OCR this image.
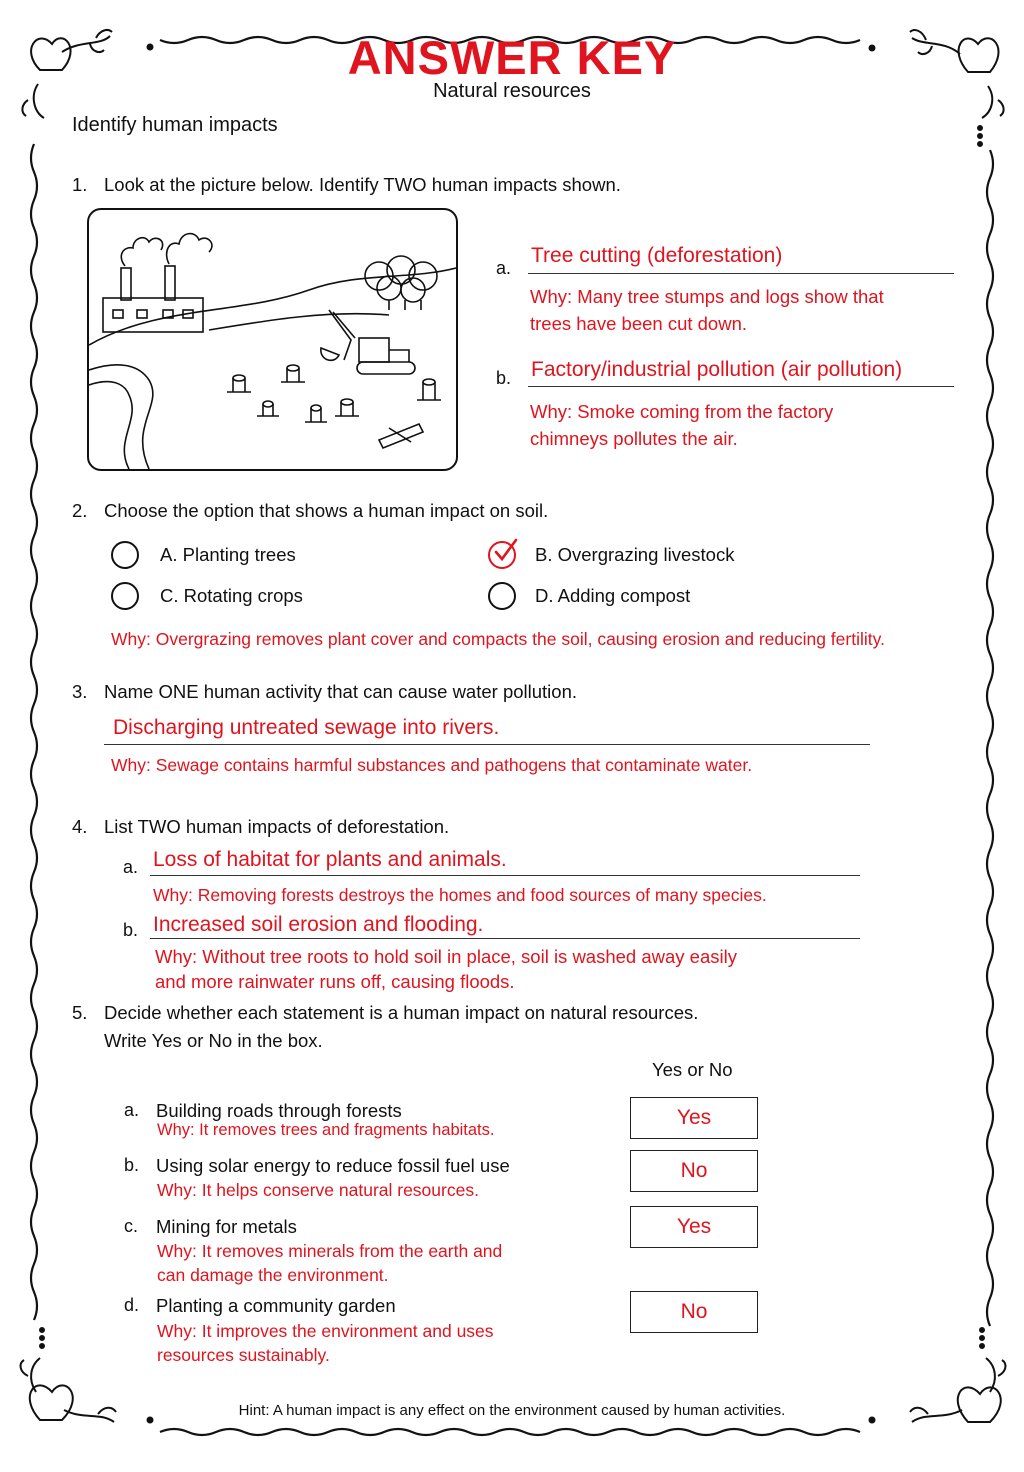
ANSWER KEY
Natural resources
Identify human impacts
1. Look at the picture below. Identify TWO human impacts shown.
a.
Tree cutting (deforestation)
Why: Many tree stumps and logs show that
trees have been cut down.
b. Factory/industrial pollution (air pollution)
Why: Smoke coming from the factory
chimneys pollutes the air.
2. Choose the option that shows a human impact on soil.
A. Planting trees	B. Overgrazing livestock
C. Rotating crops	D. Adding compost
Why: Overgrazing removes plant cover and compacts the soil, causing erosion and reducing fertility.
3. Name ONE human activity that can cause water pollution.
Discharging untreated sewage into rivers.
Why: Sewage contains harmful substances and pathogens that contaminate water.
4. List TWO human impacts of deforestation.
a. Loss of habitat for plants and animals.
Why: Removing forests destroys the homes and food sources of many species.
b. Increased soil erosion and flooding.
Why: Without tree roots to hold soil in place, soil is washed away easily
and more rainwater runs off, causing floods.
5. Decide whether each statement is a human impact on natural resources.
Write Yes or No in the box.
Yes or No
a. Building roads through forests
Why: It removes trees and fragments habitats.
Yes
b. Using solar energy to reduce fossil fuel use
Why: It helps conserve natural resources.
No
c. Mining for metals
Why: It removes minerals from the earth and
can damage the environment.
Yes
d. Planting a community garden
Why: It improves the environment and uses
resources sustainably.
No
Hint: A human impact is any effect on the environment caused by human activities.
